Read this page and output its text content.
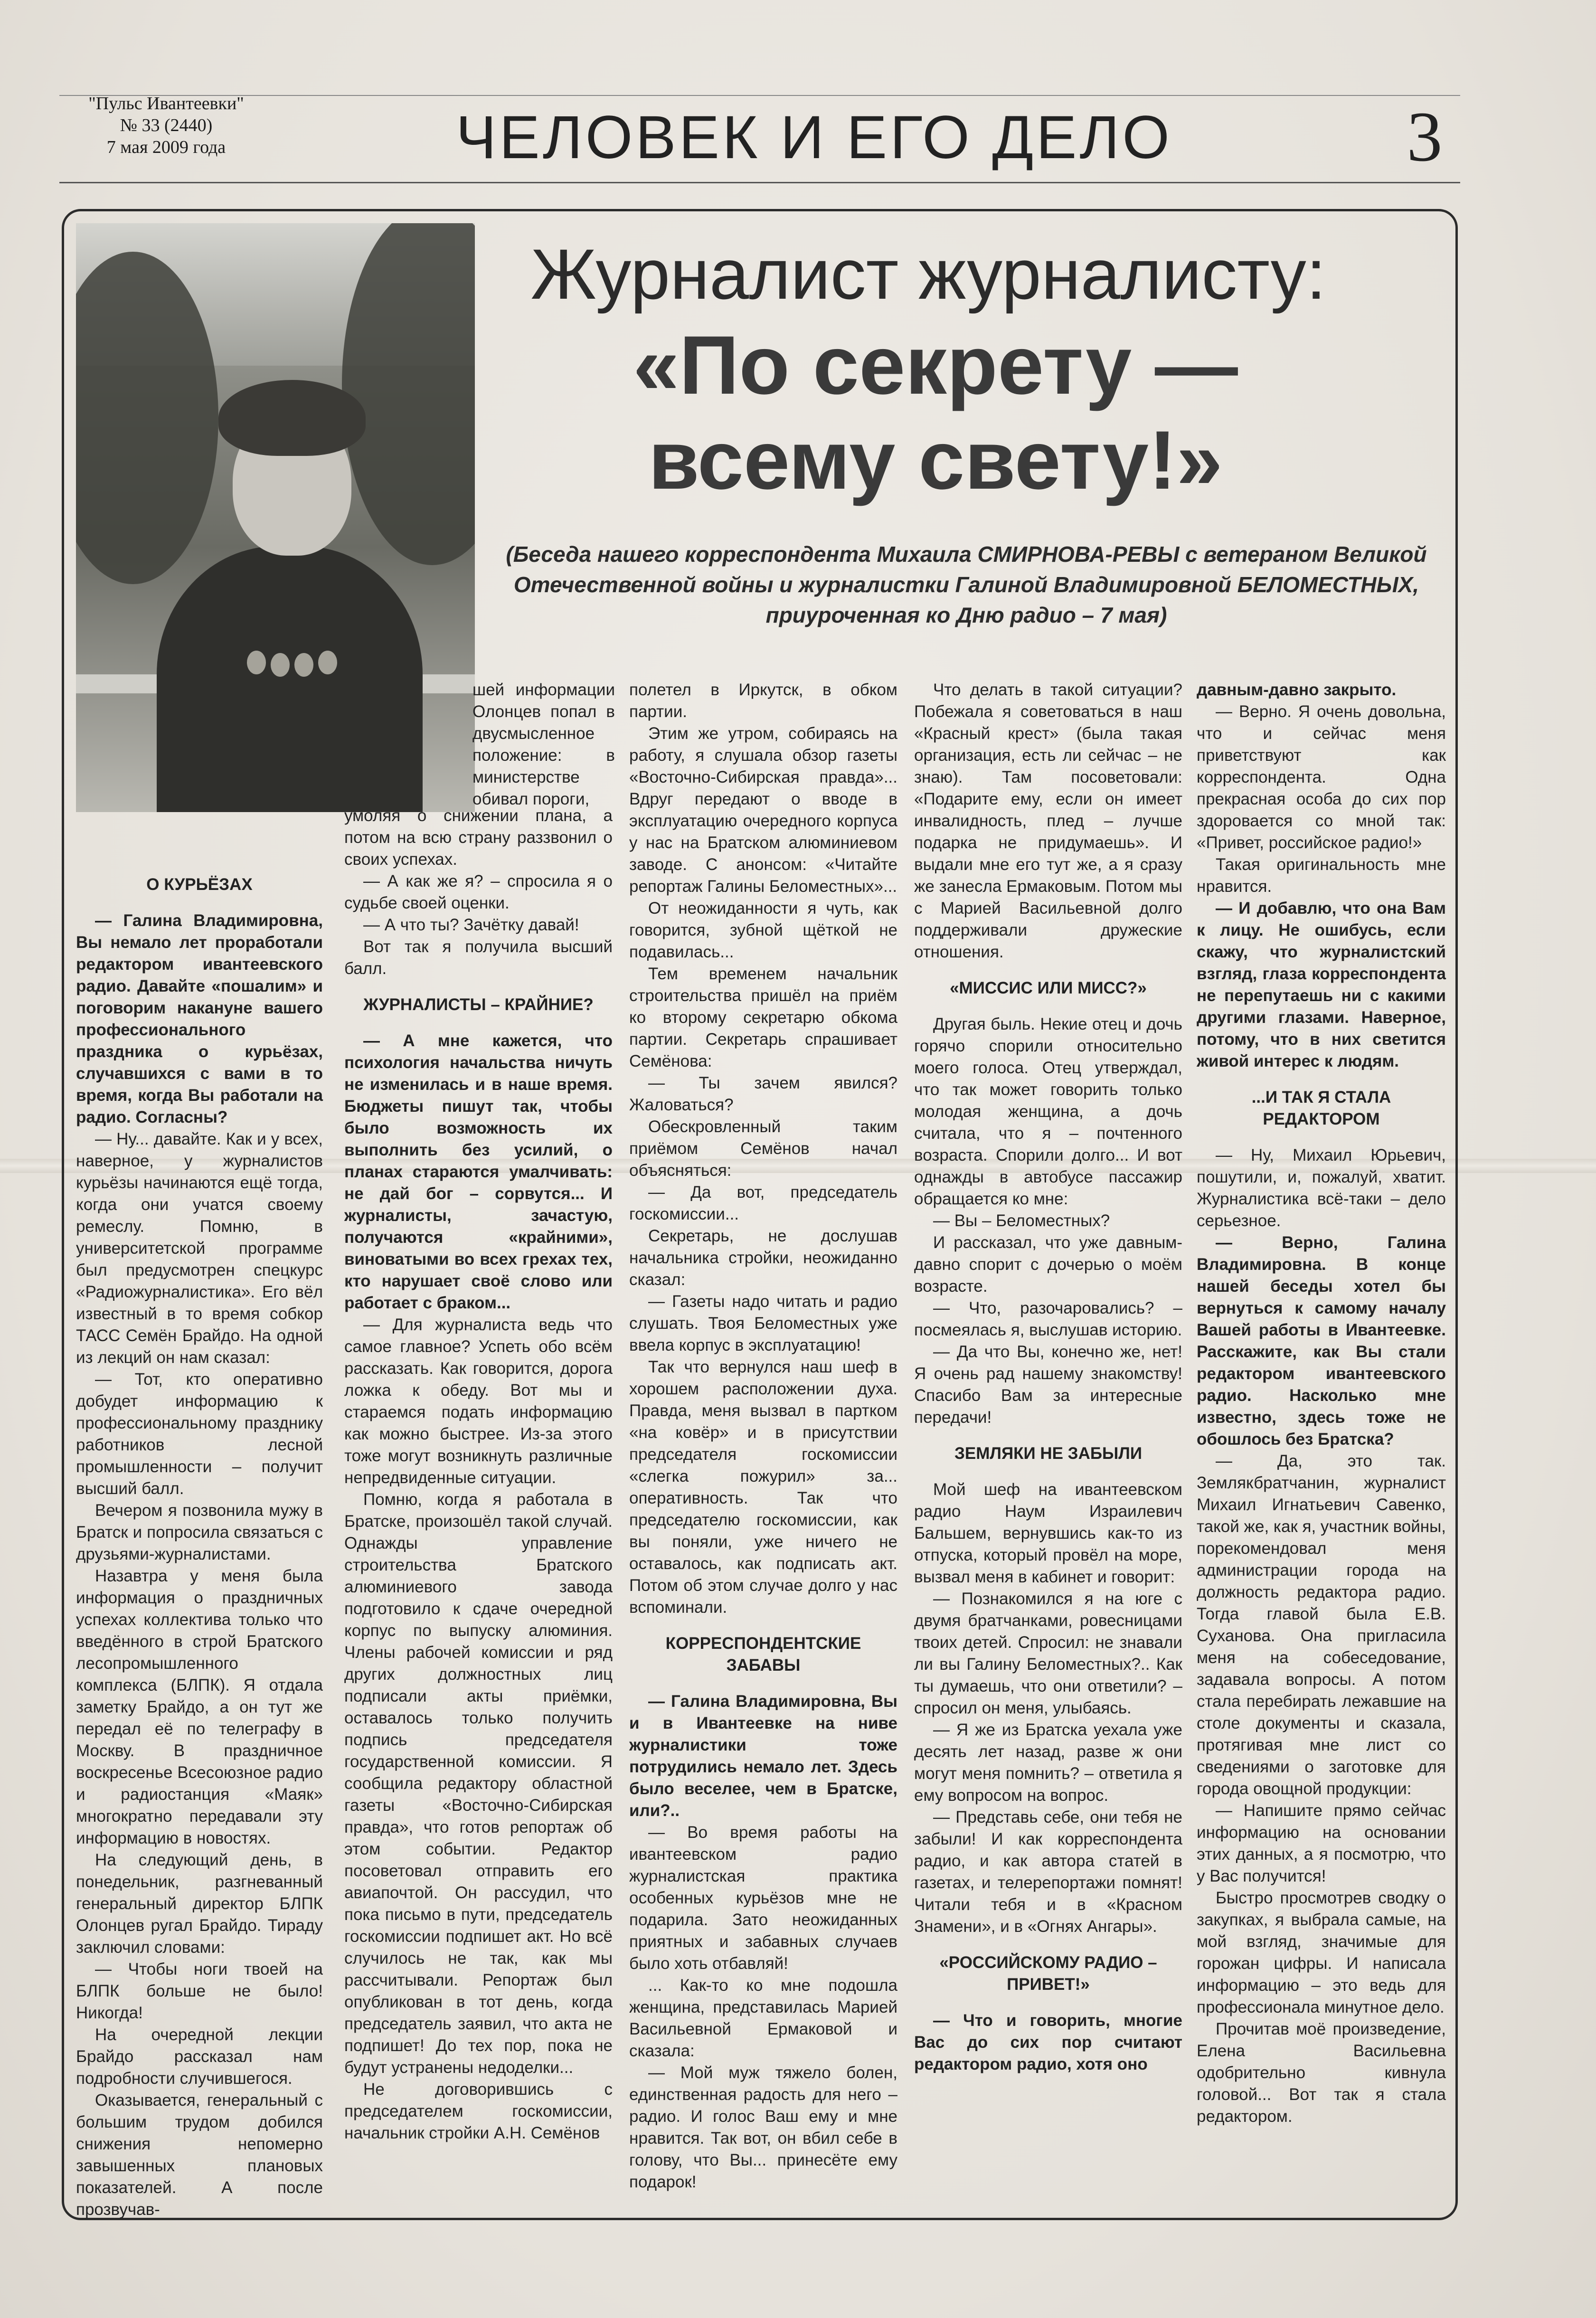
"Пульс Ивантеевки"
№ 33 (2440)
7 мая 2009 года	ЧЕЛОВЕК И ЕГО ДЕЛО	3
Журналист журналисту:
«По секрету —
всему свету!»
(Беседа нашего корреспондента Михаила СМИРНОВА-РЕВЫ с ветераном Великой Отечественной войны и журналистки Галиной Владимировной БЕЛОМЕСТНЫХ, приуроченная ко Дню радио – 7 мая)

О КУРЬЁЗАХ

— Галина Владимировна, Вы немало лет проработали редактором ивантеевского радио. Давайте «пошалим» и поговорим накануне вашего профессионального праздника о курьёзах, случавшихся с вами в то время, когда Вы работали на радио. Согласны?

— Ну... давайте. Как и у всех, наверное, у журналистов курьёзы начинаются ещё тогда, когда они учатся своему ремеслу. Помню, в университетской программе был предусмотрен спецкурс «Радиожурналистика». Его вёл известный в то время собкор ТАСС Семён Брайдо. На одной из лекций он нам сказал:

— Тот, кто оперативно добудет информацию к профессиональному празднику работников лесной промышленности – получит высший балл.

Вечером я позвонила мужу в Братск и попросила связаться с друзьями-журналистами.

Назавтра у меня была информация о праздничных успехах коллектива только что введённого в строй Братского лесопромышленного комплекса (БЛПК). Я отдала заметку Брайдо, а он тут же передал её по телеграфу в Москву. В праздничное воскресенье Всесоюзное радио и радиостанция «Маяк» многократно передавали эту информацию в новостях.

На следующий день, в понедельник, разгневанный генеральный директор БЛПК Олонцев ругал Брайдо. Тираду заключил словами:

— Чтобы ноги твоей на БЛПК больше не было! Никогда!

На очередной лекции Брайдо рассказал нам подробности случившегося.

Оказывается, генеральный с большим трудом добился снижения непомерно завышенных плановых показателей. А после прозвучав-

шей информации Олонцев попал в двусмысленное положение: в министерстве обивал пороги,

умоляя о снижении плана, а потом на всю страну раззвонил о своих успехах.

— А как же я? – спросила я о судьбе своей оценки.

— А что ты? Зачётку давай!

Вот так я получила высший балл.

ЖУРНАЛИСТЫ – КРАЙНИЕ?

— А мне кажется, что психология начальства ничуть не изменилась и в наше время. Бюджеты пишут так, чтобы было возможность их выполнить без усилий, о планах стараются умалчивать: не дай бог – сорвутся... И журналисты, зачастую, получаются «крайними», виноватыми во всех грехах тех, кто нарушает своё слово или работает с браком...

— Для журналиста ведь что самое главное? Успеть обо всём рассказать. Как говорится, дорога ложка к обеду. Вот мы и стараемся подать информацию как можно быстрее. Из-за этого тоже могут возникнуть различные непредвиденные ситуации.

Помню, когда я работала в Братске, произошёл такой случай. Однажды управление строительства Братского алюминиевого завода подготовило к сдаче очередной корпус по выпуску алюминия. Члены рабочей комиссии и ряд других должностных лиц подписали акты приёмки, оставалось только получить подпись председателя государственной комиссии. Я сообщила редактору областной газеты «Восточно-Сибирская правда», что готов репортаж об этом событии. Редактор посоветовал отправить его авиапочтой. Он рассудил, что пока письмо в пути, председатель госкомиссии подпишет акт. Но всё случилось не так, как мы рассчитывали. Репортаж был опубликован в тот день, когда председатель заявил, что акта не подпишет! До тех пор, пока не будут устранены недоделки...

Не договорившись с председателем госкомиссии, начальник стройки А.Н. Семёнов

полетел в Иркутск, в обком партии.

Этим же утром, собираясь на работу, я слушала обзор газеты «Восточно-Сибирская правда»... Вдруг передают о вводе в эксплуатацию очередного корпуса у нас на Братском алюминиевом заводе. С анонсом: «Читайте репортаж Галины Беломестных»...

От неожиданности я чуть, как говорится, зубной щёткой не подавилась...

Тем временем начальник строительства пришёл на приём ко второму секретарю обкома партии. Секретарь спрашивает Семёнова:

— Ты зачем явился? Жаловаться?

Обескровленный таким приёмом Семёнов начал объясняться:

— Да вот, председатель госкомиссии...

Секретарь, не дослушав начальника стройки, неожиданно сказал:

— Газеты надо читать и радио слушать. Твоя Беломестных уже ввела корпус в эксплуатацию!

Так что вернулся наш шеф в хорошем расположении духа. Правда, меня вызвал в партком «на ковёр» и в присутствии председателя госкомиссии «слегка пожурил» за... оперативность. Так что председателю госкомиссии, как вы поняли, уже ничего не оставалось, как подписать акт. Потом об этом случае долго у нас вспоминали.

КОРРЕСПОНДЕНТСКИЕ ЗАБАВЫ

— Галина Владимировна, Вы и в Ивантеевке на ниве журналистики тоже потрудились немало лет. Здесь было веселее, чем в Братске, или?..

— Во время работы на ивантеевском радио журналистская практика особенных курьёзов мне не подарила. Зато неожиданных приятных и забавных случаев было хоть отбавляй!

... Как-то ко мне подошла женщина, представилась Марией Васильевной Ермаковой и сказала:

— Мой муж тяжело болен, единственная радость для него – радио. И голос Ваш ему и мне нравится. Так вот, он вбил себе в голову, что Вы... принесёте ему подарок!

Что делать в такой ситуации? Побежала я советоваться в наш «Красный крест» (была такая организация, есть ли сейчас – не знаю). Там посоветовали: «Подарите ему, если он имеет инвалидность, плед – лучше подарка не придумаешь». И выдали мне его тут же, а я сразу же занесла Ермаковым. Потом мы с Марией Васильевной долго поддерживали дружеские отношения.

«МИССИС ИЛИ МИСС?»

Другая быль. Некие отец и дочь горячо спорили относительно моего голоса. Отец утверждал, что так может говорить только молодая женщина, а дочь считала, что я – почтенного возраста. Спорили долго... И вот однажды в автобусе пассажир обращается ко мне:

— Вы – Беломестных?

И рассказал, что уже давным-давно спорит с дочерью о моём возрасте.

— Что, разочаровались? – посмеялась я, выслушав историю.

— Да что Вы, конечно же, нет! Я очень рад нашему знакомству! Спасибо Вам за интересные передачи!

ЗЕМЛЯКИ НЕ ЗАБЫЛИ

Мой шеф на ивантеевском радио Наум Израилевич Бальшем, вернувшись как-то из отпуска, который провёл на море, вызвал меня в кабинет и говорит:

— Познакомился я на юге с двумя братчанками, ровесницами твоих детей. Спросил: не знавали ли вы Галину Беломестных?.. Как ты думаешь, что они ответили? – спросил он меня, улыбаясь.

— Я же из Братска уехала уже десять лет назад, разве ж они могут меня помнить? – ответила я ему вопросом на вопрос.

— Представь себе, они тебя не забыли! И как корреспондента радио, и как автора статей в газетах, и телерепортажи помнят! Читали тебя и в «Красном Знамени», и в «Огнях Ангары».

«РОССИЙСКОМУ РАДИО – ПРИВЕТ!»

— Что и говорить, многие Вас до сих пор считают редактором радио, хотя оно

давным-давно закрыто.

— Верно. Я очень довольна, что и сейчас меня приветствуют как корреспондента. Одна прекрасная особа до сих пор здоровается со мной так: «Привет, российское радио!»

Такая оригинальность мне нравится.

— И добавлю, что она Вам к лицу. Не ошибусь, если скажу, что журналистский взгляд, глаза корреспондента не перепутаешь ни с какими другими глазами. Наверное, потому, что в них светится живой интерес к людям.

...И ТАК Я СТАЛА РЕДАКТОРОМ

— Ну, Михаил Юрьевич, пошутили, и, пожалуй, хватит. Журналистика всё-таки – дело серьезное.

— Верно, Галина Владимировна. В конце нашей беседы хотел бы вернуться к самому началу Вашей работы в Ивантеевке. Расскажите, как Вы стали редактором ивантеевского радио. Насколько мне известно, здесь тоже не обошлось без Братска?

— Да, это так. Землякбратчанин, журналист Михаил Игнатьевич Савенко, такой же, как я, участник войны, порекомендовал меня администрации города на должность редактора радио. Тогда главой была Е.В. Суханова. Она пригласила меня на собеседование, задавала вопросы. А потом стала перебирать лежавшие на столе документы и сказала, протягивая мне лист со сведениями о заготовке для города овощной продукции:

— Напишите прямо сейчас информацию на основании этих данных, а я посмотрю, что у Вас получится!

Быстро просмотрев сводку о закупках, я выбрала самые, на мой взгляд, значимые для горожан цифры. И написала информацию – это ведь для профессионала минутное дело.

Прочитав моё произведение, Елена Васильевна одобрительно кивнула головой... Вот так я стала редактором.
